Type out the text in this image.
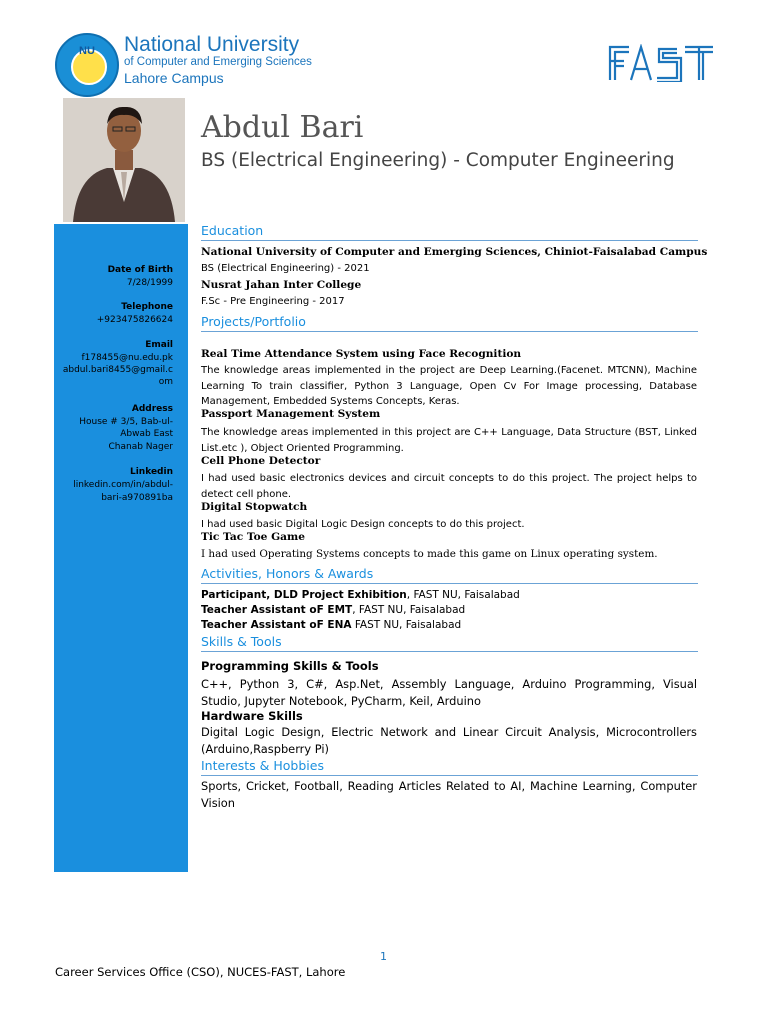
NU	National University
of Computer and Emerging Sciences
Lahore Campus
Abdul Bari
BS (Electrical Engineering) - Computer Engineering
Date of Birth
7/28/1999
Telephone
+923475826624
Email
f178455@nu.edu.pk
abdul.bari8455@gmail.c
om
Address
House # 3/5, Bab-ul-
Abwab East
Chanab Nager
Linkedin
linkedin.com/in/abdul-
bari-a970891ba
Education
National University of Computer and Emerging Sciences, Chiniot-Faisalabad Campus
BS (Electrical Engineering) - 2021
Nusrat Jahan Inter College
F.Sc - Pre Engineering - 2017
Projects/Portfolio
Real Time Attendance System using Face Recognition
The knowledge areas implemented in the project are Deep Learning.(Facenet. MTCNN), Machine Learning To train classifier, Python 3 Language, Open Cv For Image processing, Database Management, Embedded Systems Concepts, Keras.
Passport Management System
The knowledge areas implemented in this project are C++ Language, Data Structure (BST, Linked List.etc ), Object Oriented Programming.
Cell Phone Detector
I had used basic electronics devices and circuit concepts to do this project. The project helps to detect cell phone.
Digital Stopwatch
I had used basic Digital Logic Design concepts to do this project.
Tic Tac Toe Game
I had used Operating Systems concepts to made this game on Linux operating system.
Activities, Honors & Awards
Participant, DLD Project Exhibition, FAST NU, Faisalabad
Teacher Assistant oF EMT, FAST NU, Faisalabad
Teacher Assistant oF ENA FAST NU, Faisalabad
Skills & Tools
Programming Skills & Tools
C++, Python 3, C#, Asp.Net, Assembly Language, Arduino Programming, Visual Studio, Jupyter Notebook, PyCharm, Keil, Arduino
Hardware Skills
Digital Logic Design, Electric Network and Linear Circuit Analysis, Microcontrollers (Arduino,Raspberry Pi)
Interests & Hobbies
Sports, Cricket, Football, Reading Articles Related to AI, Machine Learning, Computer Vision
1
Career Services Office (CSO), NUCES-FAST, Lahore
